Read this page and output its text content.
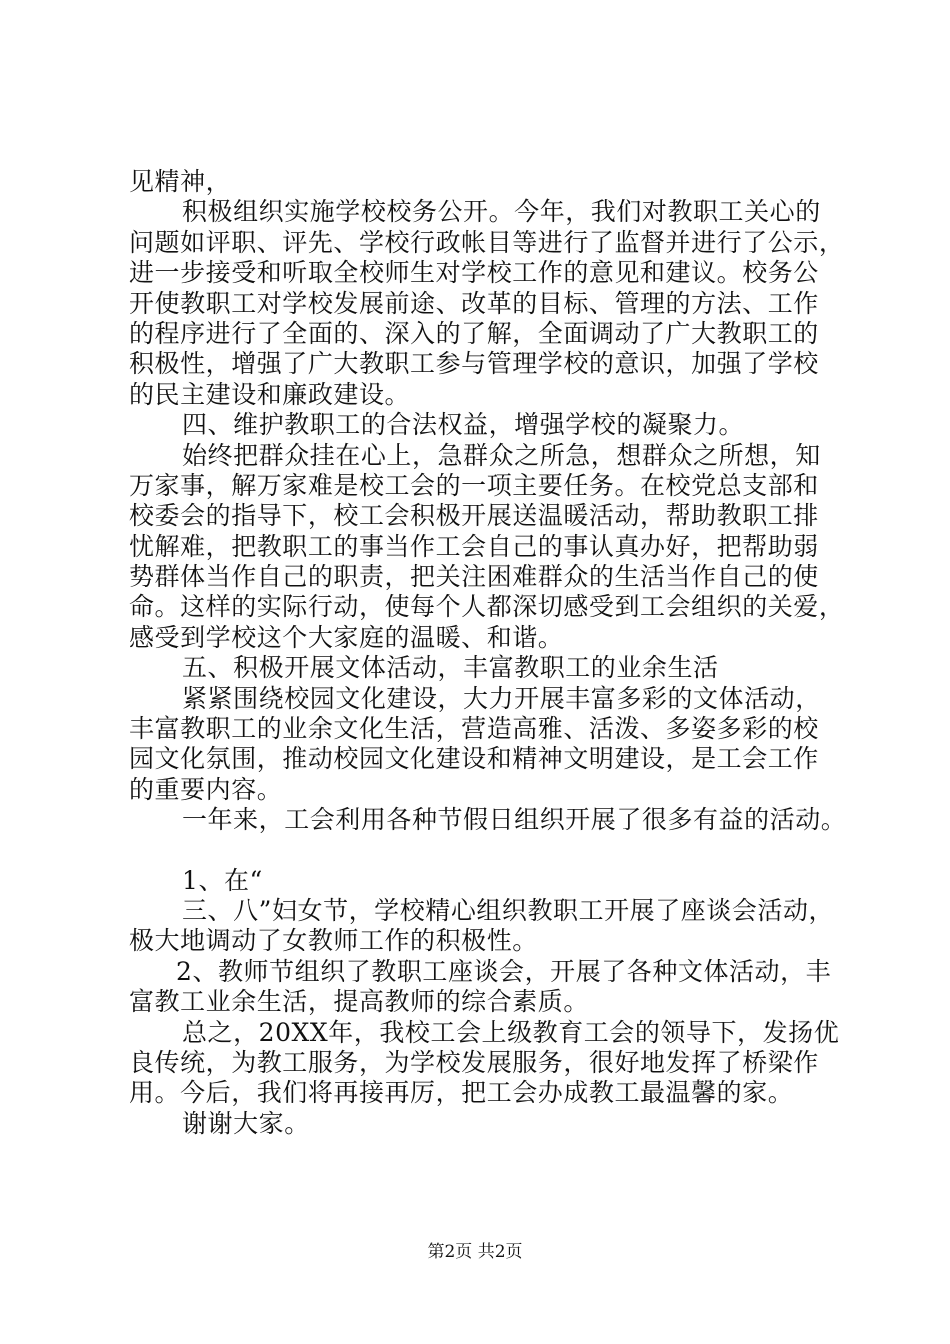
见精神，
积极组织实施学校校务公开。今年，我们对教职工关心的
问题如评职、评先、学校行政帐目等进行了监督并进行了公示，
进一步接受和听取全校师生对学校工作的意见和建议。校务公
开使教职工对学校发展前途、改革的目标、管理的方法、工作
的程序进行了全面的、深入的了解，全面调动了广大教职工的
积极性，增强了广大教职工参与管理学校的意识，加强了学校
的民主建设和廉政建设。
四、维护教职工的合法权益，增强学校的凝聚力。
始终把群众挂在心上，急群众之所急，想群众之所想，知
万家事，解万家难是校工会的一项主要任务。在校党总支部和
校委会的指导下，校工会积极开展送温暖活动，帮助教职工排
忧解难，把教职工的事当作工会自己的事认真办好，把帮助弱
势群体当作自己的职责，把关注困难群众的生活当作自己的使
命。这样的实际行动，使每个人都深切感受到工会组织的关爱，
感受到学校这个大家庭的温暖、和谐。
五、积极开展文体活动，丰富教职工的业余生活
紧紧围绕校园文化建设，大力开展丰富多彩的文体活动，
丰富教职工的业余文化生活，营造高雅、活泼、多姿多彩的校
园文化氛围，推动校园文化建设和精神文明建设，是工会工作
的重要内容。
一年来，工会利用各种节假日组织开展了很多有益的活动。
1、在“
三、八”妇女节，学校精心组织教职工开展了座谈会活动，
极大地调动了女教师工作的积极性。
2、教师节组织了教职工座谈会，开展了各种文体活动，丰
富教工业余生活，提高教师的综合素质。
总之，20XX年，我校工会上级教育工会的领导下，发扬优
良传统，为教工服务，为学校发展服务，很好地发挥了桥梁作
用。今后，我们将再接再厉，把工会办成教工最温馨的家。
谢谢大家。
第2页 共2页
